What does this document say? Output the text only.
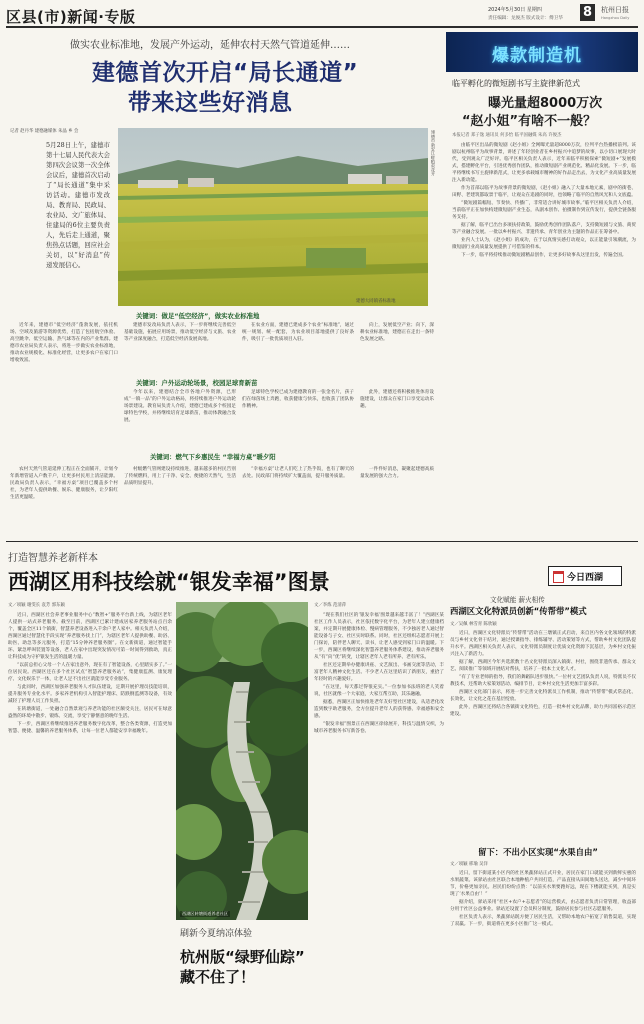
区县(市)新闻·专版	2024年5月30日 星期四
责任编辑：龙俊杰 版式设计：傅卫华 8	杭州日报
Hangzhou Daily
做实农业标准地，发展产外运动，延伸农村天然气管道延伸……
建德首次开启“局长通道”
带来这些好消息
记者 赵丹华 建德融媒体 朱晶 乡 会
5月28日上午，建德市第十七届人民代表大会第四次会议第一次全体会议后，建德首次启动了“局长通道”集中采访活动。建德市发改局、教育局、民政局、农业局、文广旅体局、住建局的6位主要负责人，先后走上通道，聚焦热点话题，回应社会关切，以“好消息”传递发展信心。
建德市新安江畔稻菽花开
建德大同镇省标准地
关键词：做足“低空经济”，做实农业标准地

近年来，建德市“低空经济”蓬勃发展，依托机场、空域及旅游等资源优势，打造了包括航空体验、高空跳伞、低空运输、热气球等在内的产业集群。建德市农业局负责人表示，将进一步做实农业标准地，推动农业规模化、标准化经营，让更多农户在家门口增收致富。

建德市发改局负责人表示，下一步将继续完善低空基础设施，拓展应用场景，推动低空经济与文旅、农业等产业深度融合，打造低空经济发展高地。

在农业方面，建德已建成多个农业“标准地”，通过统一规划、统一配套，为农业项目落地提供了良好条件，吸引了一批优质项目入驻。

向上，发展低空产业；向下，深耕农业标准地，建德正在走出一条特色发展之路。

关键词：户外运动轮场景，校园足球育新苗

今年以来，建德结合全市各地户外资源，已形成“一镇一品”的户外运动格局，将持续推进户外运动轮场景建设。教育局负责人介绍，建德已建成多个校园足球特色学校，并将继续培育足球新苗，推动体教融合发展。

足球特色学校已成为建德教育的一张金名片，孩子们在绿茵场上奔跑，收获健康与快乐，也收获了团队协作精神。

此外，建德还将积极推进体育设施建设，让群众在家门口享受运动乐趣。

关键词：燃气下乡惠民生 “幸福方桌”暖夕阳

农村天然气管道延伸工程正在全面铺开，计划今年新增管道入户数千户，让更多村民用上清洁能源。民政局负责人表示，“幸福方桌”项目已覆盖多个村社，为老年人提供助餐、娱乐、健康服务，让夕阳红生活更温暖。

村级燃气管网建设持续推进，越来越多的村民告别了传统燃料，用上了干净、安全、便捷的天然气，生活品质明显提升。

“幸福方桌”让老人们吃上了热乎饭，也有了聊天的去处。民政部门将持续扩大覆盖面，提升服务质量。

一件件好消息，凝聚起建德高质量发展的强大合力。

爆款制造机
临平孵化的微短剧书写主旋律新范式
曝光量超8000万次
“赵小姐”有啥不一般？
本报记者 郑子逸 通讯员 何多怡 临平国融媒 朱高 许俊杰

由临平区出品的微短剧《赵小姐》全网曝光量超8000万次，位列平台热播榜前列。该剧以杭州临平为故事背景，讲述了年轻创业者在乡村振兴中追梦的故事，以小切口展现大时代，受到观众广泛好评。临平区相关负责人表示，近年来临平积极探索“微短剧+”发展模式，搭建孵化平台，引进优秀创作团队，推动微短剧产业规范化、精品化发展。下一步，临平将继续书写主旋律新范式，让更多承载城市精神的好作品走出去，为文化产业高质量发展注入新动能。

作为首部以临平为故事背景的微短剧，《赵小姐》融入了大量本地元素，剧中的街巷、田野、老建筑都取景于临平，让观众在追剧的同时，也领略了临平的自然风光和人文底蕴。

“微短剧篇幅短、节奏快、传播广，非常适合讲好城市故事。”临平区相关负责人介绍，当前临平正在加快构建微短剧产业生态，从剧本创作、拍摄制作到宣传发行，提供全链条服务支持。

据了解，临平已出台多项扶持政策，鼓励优秀创作团队落户，支持微短剧与文旅、商贸等产业融合发展。一批以乡村振兴、非遗传承、青年创业为主题的作品正在筹备中。

业内人士认为，《赵小姐》的成功，在于以真情实感打动观众，以正能量引领潮流，为微短剧行业高质量发展提供了可借鉴的样本。

下一步，临平将持续推动微短剧精品创作，让更多好故事从这里出发，传遍全国。

打造智慧养老新样本
西湖区用科技绘就“银发幸福”图景	今日西湖
文／项颖 谢雯长 袁芳 郭东颖

近日，西湖区社会养老事业服务中心“数智+”服务平台新上线，为辖区老年人提供一站式养老服务。截至目前，西湖区已累计建成居家养老服务站点百余个，覆盖全区11个镇街，智慧养老设备进入千余户老人家中。相关负责人介绍，西湖区通过智慧化手段实现“养老服务找上门”，为辖区老年人提供助餐、助浴、助医、助急等多元服务，打造“15分钟养老服务圈”。在文新街道，通过智能手环、紧急呼叫装置等设备，老人在家中出现突发情况可第一时间得到救助，真正让科技成为守护银发生活的温暖力量。

“以前总担心父母一个人在家出意外，现在有了智能设备，心里踏实多了。”一位居民说。西湖区还在多个社区试点“智慧养老服务站”，集健康监测、康复理疗、文化娱乐于一体，让老人足不出社区就能享受专业服务。

与此同时，西湖区加强养老服务人才队伍建设，定期开展护理员技能培训，提升服务专业化水平。多家养老机构引入智能护理床、防跌倒监测等设备，有效减轻了护理人员工作负担。

在转塘街道，一处融合自然景观与养老功能的社区颇受关注，居民可在绿意盎然的环境中散步、锻炼、交流，享受宁静惬意的晚年生活。

下一步，西湖区将继续推进养老服务数字化改革，整合各类资源，打造更加智慧、便捷、温馨的养老服务体系，让每一位老人都能安享幸福晚年。

西湖区转塘街道养老社区
刷新今夏纳凉体验
杭州版“绿野仙踪”
藏不住了！
文／李炼 范清萍

“现在我们社区的‘银发幸福’图景越来越丰富了！”西湖区某社区工作人员表示，社区依托数字化平台，为老年人建立健康档案，并定期开展健康体检、慢病管理服务，不少独居老人通过智能设备与子女、社区实时联系。同时，社区还组织志愿者开展上门探访，陪伴老人聊天、读书，让老人感受到家门口的温暖。下一步，西湖区将继续深化智慧养老服务体系建设，推动养老服务从“有”向“优”转变，让辖区老年人老有所养、老有所乐。

社区还定期举办健康讲座、文艺演出、书画交流等活动，丰富老年人精神文化生活。不少老人在这里结识了新朋友，重拾了年轻时的兴趣爱好。

“在这里，每天都过得很充实。”一位参加书法班的老人笑着说，社区就像一个大家庭，大家互帮互助，其乐融融。

据悉，西湖区正加快推进老年友好型社区建设，从适老化改造到数字助老服务，全方位提升老年人的获得感、幸福感和安全感。

“银发幸福”图景正在西湖区徐徐展开，科技与温情交织，为城市养老服务书写新答卷。

文化赋能 薪火相传
西湖区文化特派员创新“传帮带”模式
文／吴佩 林雪青 陈欣颖

近日，西湖区文化特派员“传帮带”活动在三墩镇正式启动，来自区内各文化领域的特派员与乡村文化骨干结对，通过授课指导、排练辅导、活动策划等方式，帮助乡村文化团队提升水平。西湖区相关负责人表示，文化特派员制度让优质文化资源下沉基层，为乡村文化振兴注入了新活力。

据了解，西湖区今年共选派数十名文化特派员深入镇街、村社，围绕非遗传承、群众文艺、阅读推广等领域开展结对帮扶，培养了一批本土文化人才。

“有了专业老师的指导，我们的舞蹈队进步很快。”一位村文艺团队负责人说，特派员不仅教技术，还帮助大家策划活动、编排节目，让乡村文化生活更加丰富多彩。

西湖区文化部门表示，将进一步完善文化特派员工作机制，推动“传帮带”模式常态化、长效化，让文化之花在基层绽放。

此外，西湖区还将结合各镇街文化特色，打造一批乡村文化品牌，助力共同富裕示范区建设。

留下：不出小区实现“水果自由”
文／项颖 邢瑜 吴洋

近日，留下街道某小区内的社区果蔬驿站正式开业，居民在家门口就能买到新鲜实惠的水果蔬菜。该驿站由社区联合本地种植户共同打造，产品直接从田间地头送达，减少中间环节，价格更加亲民。居民们纷纷点赞：“以前买水果要跑好远，现在下楼就能买到，真是实现了‘水果自由’！”

据介绍，驿站采用“社区+农户+志愿者”的运营模式，由志愿者负责日常管理，收益部分用于社区公益事业。驿站还设置了会员积分制度，鼓励居民参与社区志愿服务。

社区负责人表示，果蔬驿站既方便了居民生活，又帮助本地农户拓宽了销售渠道，实现了双赢。下一步，街道将在更多小区推广这一模式。
